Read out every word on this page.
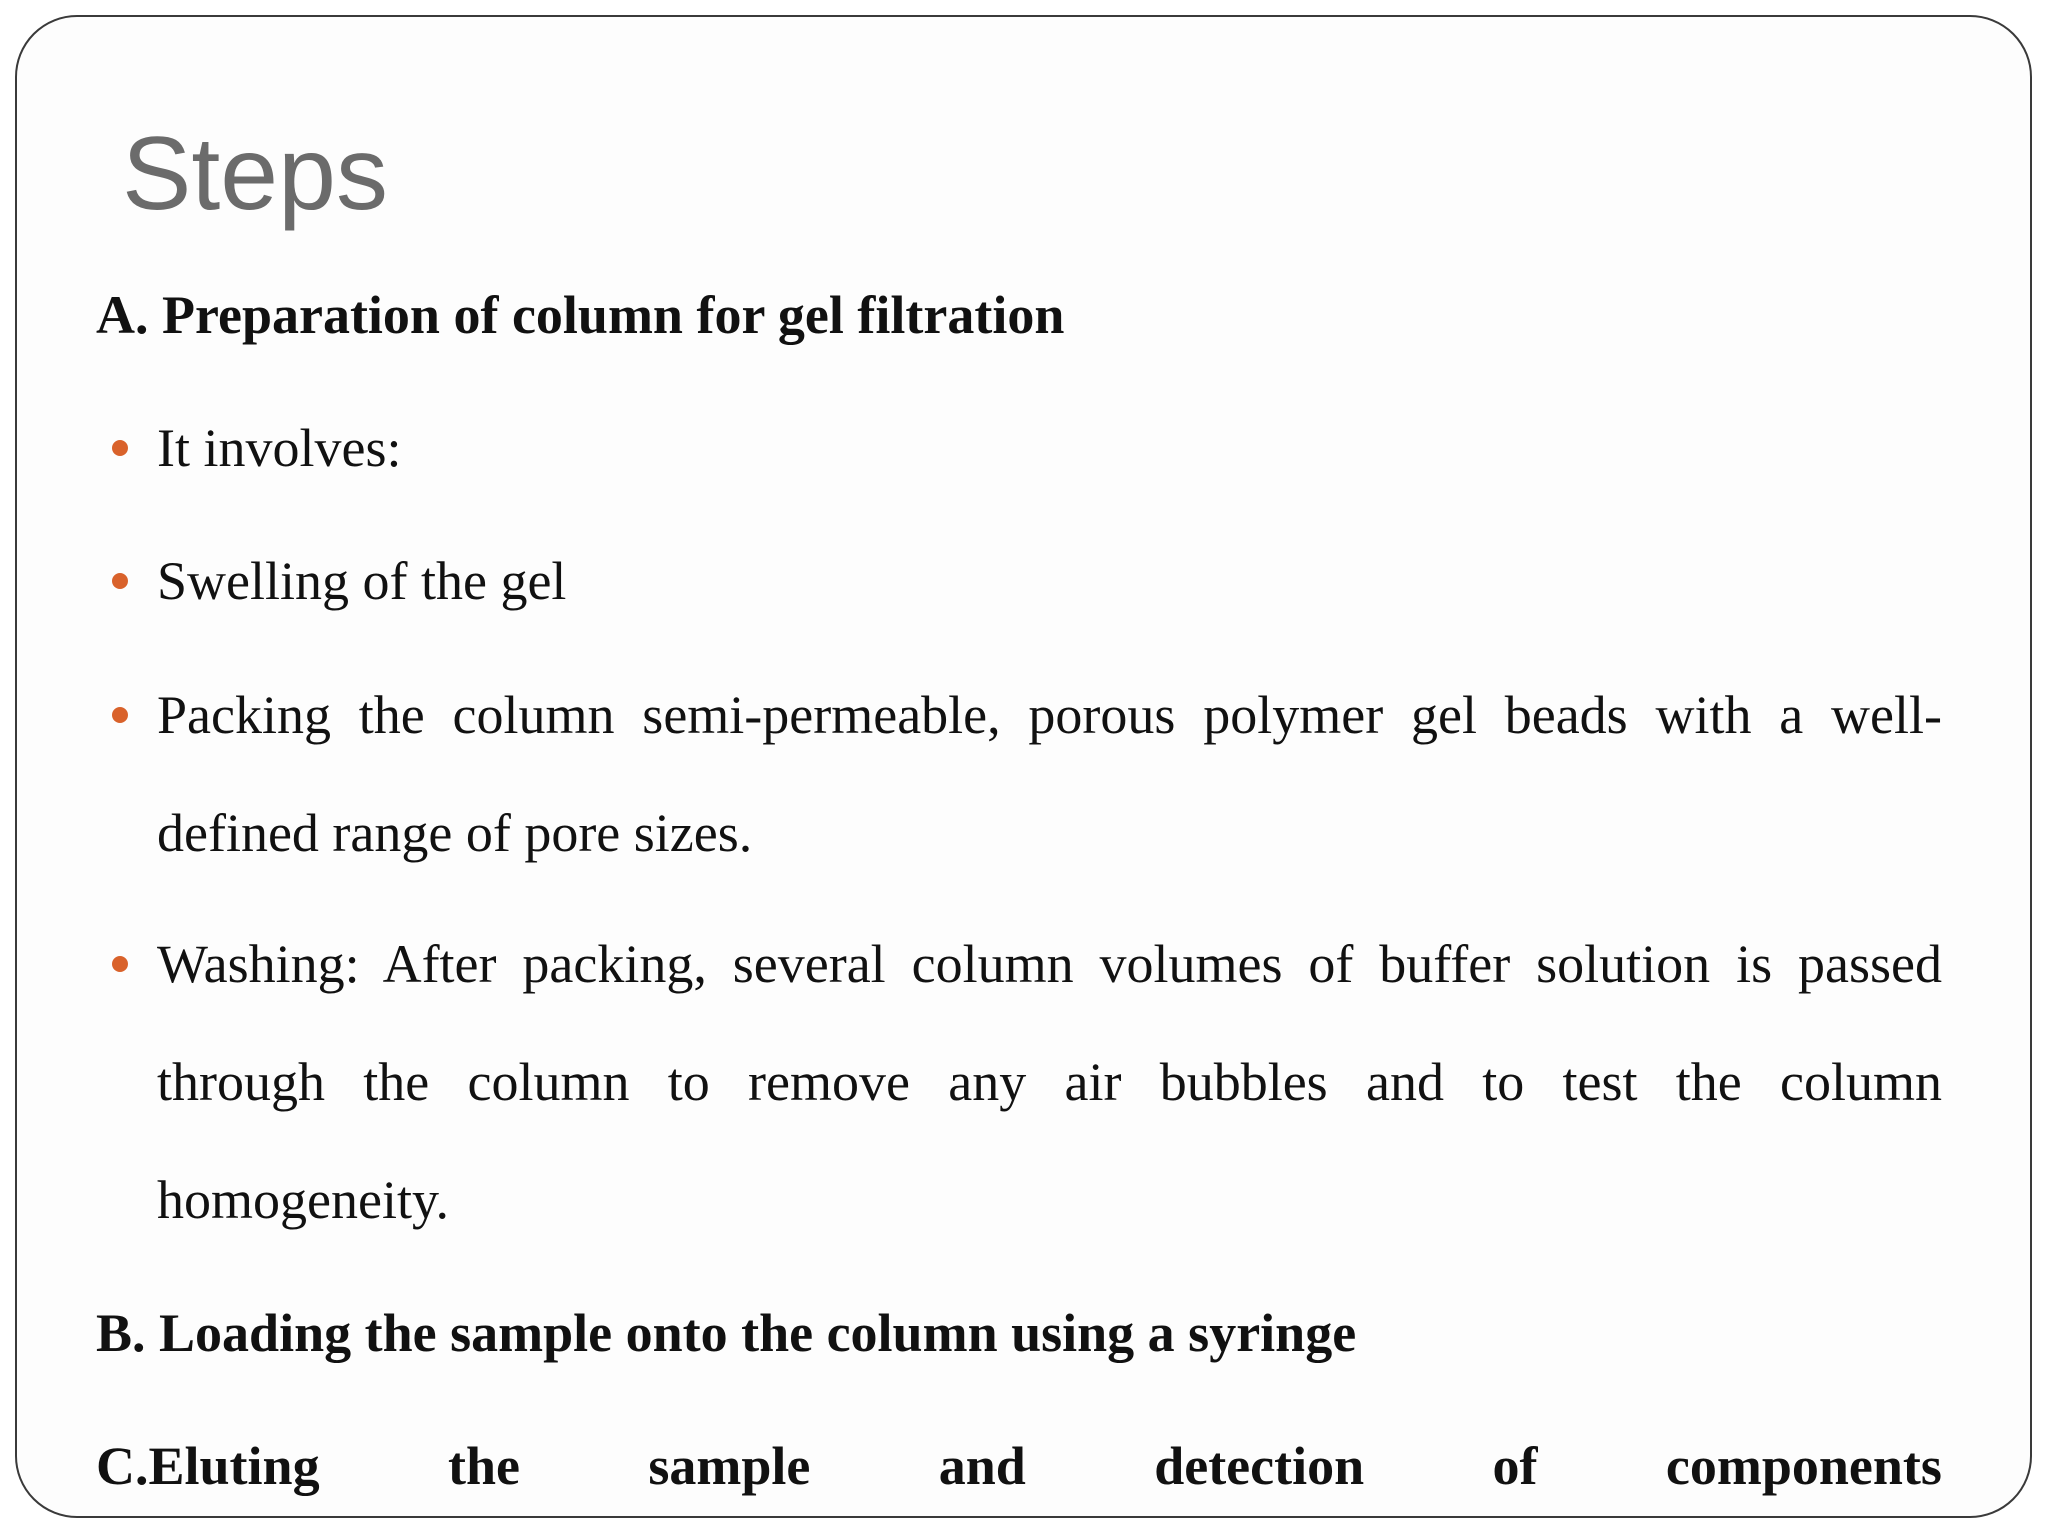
Steps

A. Preparation of column for gel filtration

It involves:
Swelling of the gel
Packing the column semi-permeable, porous polymer gel beads with a well-defined range of pore sizes.
Washing: After packing, several column volumes of buffer solution is passed through the column to remove any air bubbles and to test the column homogeneity.

B. Loading the sample onto the column using a syringe

C.Eluting the sample and detection of components
